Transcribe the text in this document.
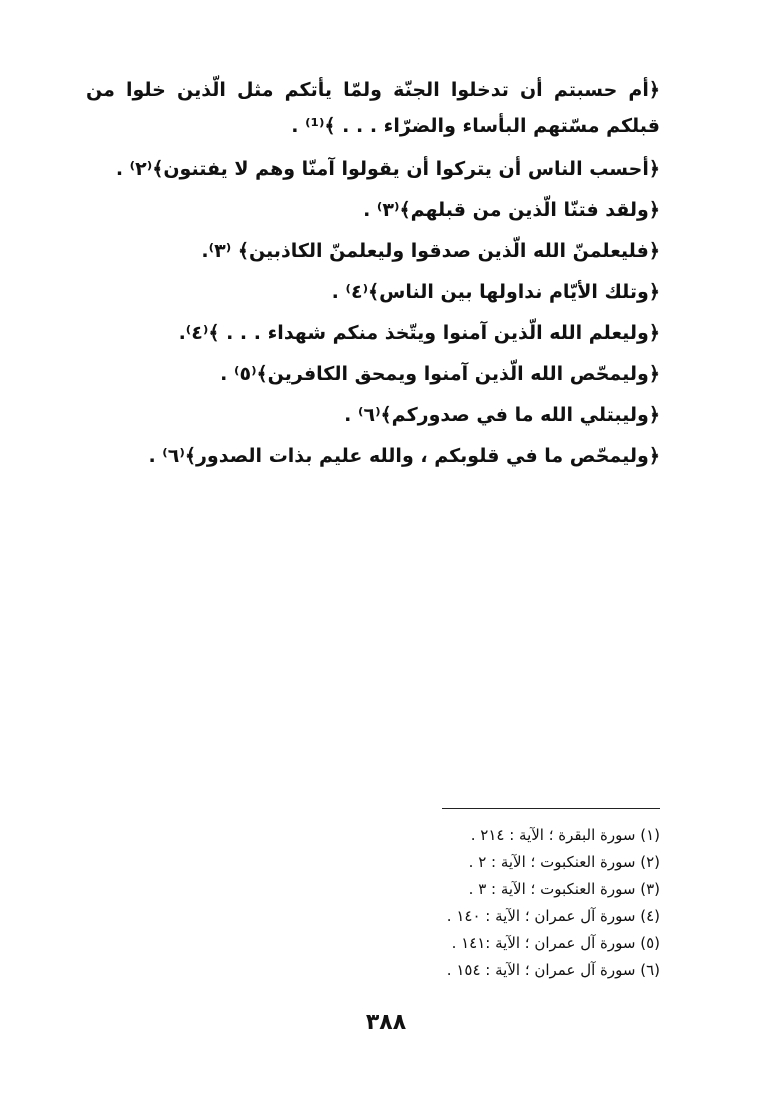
﴿أم حسبتم أن تدخلوا الجنّة ولمّا يأتكم مثل الّذين خلوا من قبلكم مسّتهم البأساء والضرّاء . . . ﴾⁽¹⁾ .

﴿أحسب الناس أن يتركوا أن يقولوا آمنّا وهم لا يفتنون﴾⁽٢⁾ .

﴿ولقد فتنّا الّذين من قبلهم﴾⁽٣⁾ .

﴿فليعلمنّ الله الّذين صدقوا وليعلمنّ الكاذبين﴾ ⁽٣⁾.

﴿وتلك الأيّام نداولها بين الناس﴾⁽٤⁾ .

﴿وليعلم الله الّذين آمنوا ويتّخذ منكم شهداء . . . ﴾⁽٤⁾.

﴿وليمحّص الله الّذين آمنوا ويمحق الكافرين﴾⁽٥⁾ .

﴿وليبتلي الله ما في صدوركم﴾⁽٦⁾ .

﴿وليمحّص ما في قلوبكم ، والله عليم بذات الصدور﴾⁽٦⁾ .

(١) سورة البقرة ؛ الآية : ٢١٤ .
(٢) سورة العنكبوت ؛ الآية : ٢ .
(٣) سورة العنكبوت ؛ الآية : ٣ .
(٤) سورة آل عمران ؛ الآية : ١٤٠ .
(٥) سورة آل عمران ؛ الآية :١٤١ .
(٦) سورة آل عمران ؛ الآية : ١٥٤ .
٣٨٨
